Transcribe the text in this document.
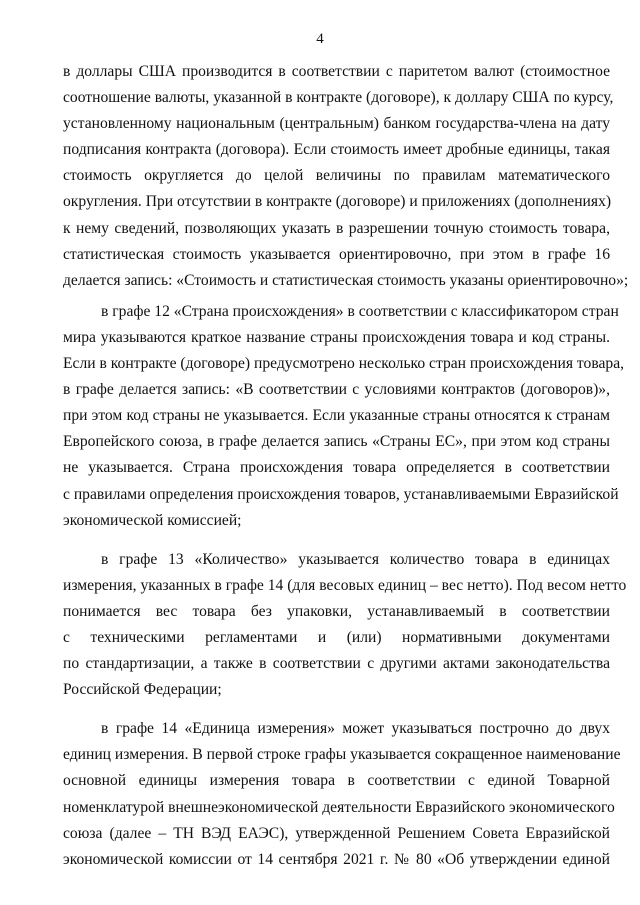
4
в доллары США производится в соответствии с паритетом валют (стоимостное
соотношение валюты, указанной в контракте (договоре), к доллару США по курсу,
установленному национальным (центральным) банком государства-члена на дату
подписания контракта (договора). Если стоимость имеет дробные единицы, такая
стоимость округляется до целой величины по правилам математического
округления. При отсутствии в контракте (договоре) и приложениях (дополнениях)
к нему сведений, позволяющих указать в разрешении точную стоимость товара,
статистическая стоимость указывается ориентировочно, при этом в графе 16
делается запись: «Стоимость и статистическая стоимость указаны ориентировочно»;
в графе 12 «Страна происхождения» в соответствии с классификатором стран
мира указываются краткое название страны происхождения товара и код страны.
Если в контракте (договоре) предусмотрено несколько стран происхождения товара,
в графе делается запись: «В соответствии с условиями контрактов (договоров)»,
при этом код страны не указывается. Если указанные страны относятся к странам
Европейского союза, в графе делается запись «Страны ЕС», при этом код страны
не указывается. Страна происхождения товара определяется в соответствии
с правилами определения происхождения товаров, устанавливаемыми Евразийской
экономической комиссией;
в графе 13 «Количество» указывается количество товара в единицах
измерения, указанных в графе 14 (для весовых единиц – вес нетто). Под весом нетто
понимается вес товара без упаковки, устанавливаемый в соответствии
с техническими регламентами и (или) нормативными документами
по стандартизации, а также в соответствии с другими актами законодательства
Российской Федерации;
в графе 14 «Единица измерения» может указываться построчно до двух
единиц измерения. В первой строке графы указывается сокращенное наименование
основной единицы измерения товара в соответствии с единой Товарной
номенклатурой внешнеэкономической деятельности Евразийского экономического
союза (далее – ТН ВЭД ЕАЭС), утвержденной Решением Совета Евразийской
экономической комиссии от 14 сентября 2021 г. № 80 «Об утверждении единой
